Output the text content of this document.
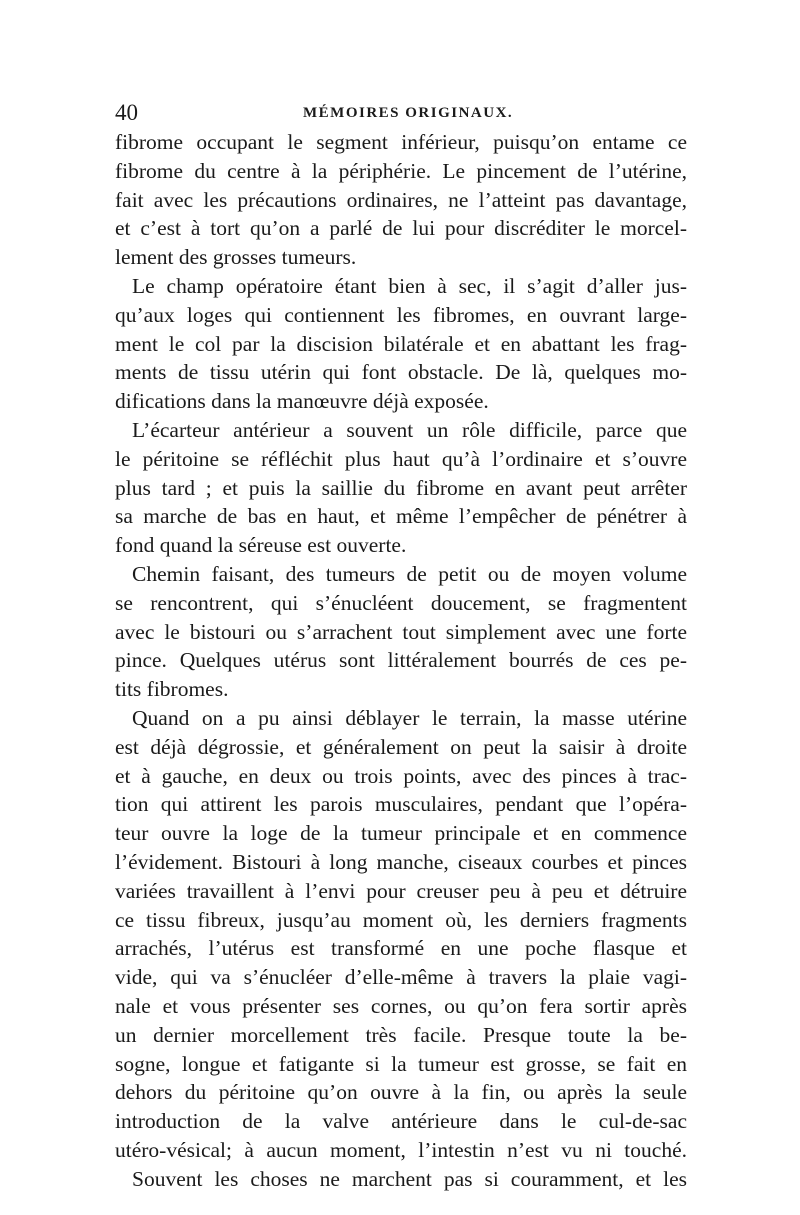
40	MÉMOIRES ORIGINAUX.
fibrome occupant le segment inférieur, puisqu’on entame ce
fibrome du centre à la périphérie. Le pincement de l’utérine,
fait avec les précautions ordinaires, ne l’atteint pas davantage,
et c’est à tort qu’on a parlé de lui pour discréditer le morcel-
lement des grosses tumeurs.
Le champ opératoire étant bien à sec, il s’agit d’aller jus-
qu’aux loges qui contiennent les fibromes, en ouvrant large-
ment le col par la discision bilatérale et en abattant les frag-
ments de tissu utérin qui font obstacle. De là, quelques mo-
difications dans la manœuvre déjà exposée.
L’écarteur antérieur a souvent un rôle difficile, parce que
le péritoine se réfléchit plus haut qu’à l’ordinaire et s’ouvre
plus tard ; et puis la saillie du fibrome en avant peut arrêter
sa marche de bas en haut, et même l’empêcher de pénétrer à
fond quand la séreuse est ouverte.
Chemin faisant, des tumeurs de petit ou de moyen volume
se rencontrent, qui s’énucléent doucement, se fragmentent
avec le bistouri ou s’arrachent tout simplement avec une forte
pince. Quelques utérus sont littéralement bourrés de ces pe-
tits fibromes.
Quand on a pu ainsi déblayer le terrain, la masse utérine
est déjà dégrossie, et généralement on peut la saisir à droite
et à gauche, en deux ou trois points, avec des pinces à trac-
tion qui attirent les parois musculaires, pendant que l’opéra-
teur ouvre la loge de la tumeur principale et en commence
l’évidement. Bistouri à long manche, ciseaux courbes et pinces
variées travaillent à l’envi pour creuser peu à peu et détruire
ce tissu fibreux, jusqu’au moment où, les derniers fragments
arrachés, l’utérus est transformé en une poche flasque et
vide, qui va s’énucléer d’elle-même à travers la plaie vagi-
nale et vous présenter ses cornes, ou qu’on fera sortir après
un dernier morcellement très facile. Presque toute la be-
sogne, longue et fatigante si la tumeur est grosse, se fait en
dehors du péritoine qu’on ouvre à la fin, ou après la seule
introduction de la valve antérieure dans le cul-de-sac
utéro-vésical; à aucun moment, l’intestin n’est vu ni touché.
Souvent les choses ne marchent pas si couramment, et les
